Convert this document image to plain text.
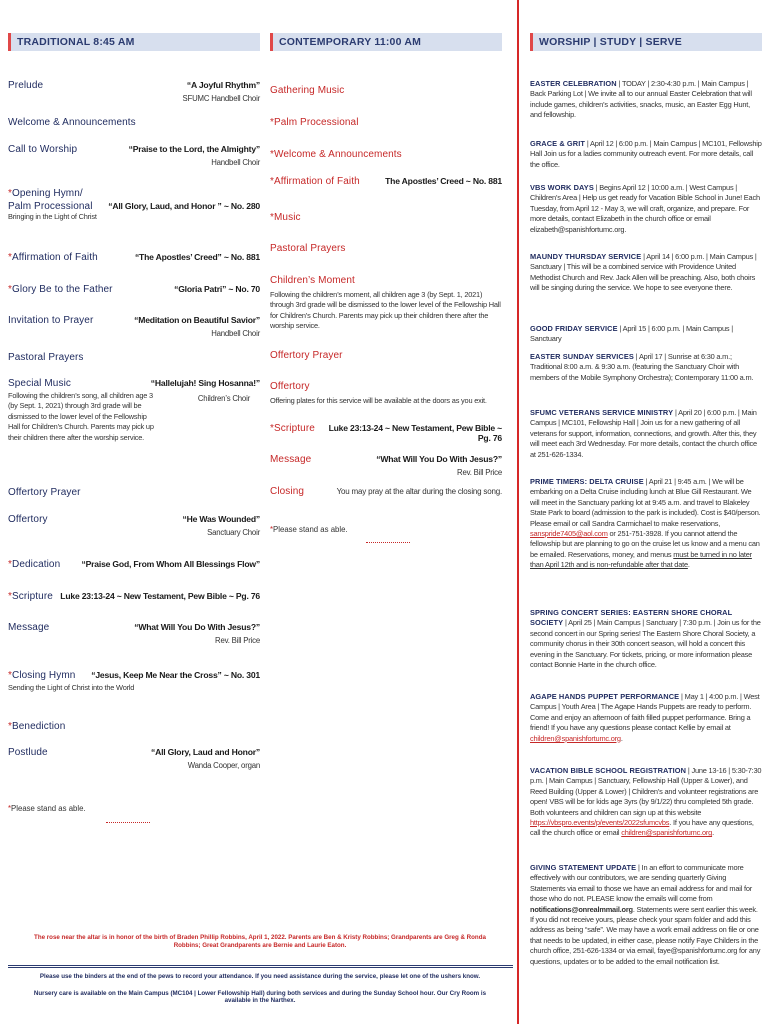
TRADITIONAL 8:45 AM	CONTEMPORARY 11:00 AM	WORSHIP | STUDY | SERVE
Prelude	“A Joyful Rhythm”
SFUMC Handbell Choir
Welcome & Announcements
Call to Worship	“Praise to the Lord, the Almighty”
Handbell Choir
*Opening Hymn/
Palm Processional “All Glory, Laud, and Honor ” ~ No. 280
Bringing in the Light of Christ
*Affirmation of Faith	“The Apostles’ Creed” ~ No. 881
*Glory Be to the Father	“Gloria Patri” ~ No. 70
Invitation to Prayer	“Meditation on Beautiful Savior”
Handbell Choir
Pastoral Prayers
Special Music	“Hallelujah! Sing Hosanna!”
Following the children’s song, all children age 3 (by Sept. 1, 2021) through 3rd grade will be dismissed to the lower level of the Fellowship Hall for Children’s Church. Parents may pick up their children there after the worship service.
Children’s Choir
Offertory Prayer
Offertory	“He Was Wounded”
Sanctuary Choir
*Dedication “Praise God, From Whom All Blessings Flow”
*Scripture Luke 23:13-24 ~ New Testament, Pew Bible ~ Pg. 76
Message	“What Will You Do With Jesus?”
Rev. Bill Price
*Closing Hymn “Jesus, Keep Me Near the Cross” ~ No. 301
Sending the Light of Christ into the World
*Benediction
Postlude	“All Glory, Laud and Honor”
Wanda Cooper, organ
*Please stand as able.
Gathering Music
*Palm Processional
*Welcome & Announcements
*Affirmation of Faith	The Apostles’ Creed ~ No. 881
*Music
Pastoral Prayers
Children’s Moment
Following the children’s moment, all children age 3 (by Sept. 1, 2021) through 3rd grade will be dismissed to the lower level of the Fellowship Hall for Children’s Church. Parents may pick up their children there after the worship service.
Offertory Prayer
Offertory
Offering plates for this service will be available at the doors as you exit.
*Scripture	Luke 23:13-24 ~ New Testament, Pew Bible ~ Pg. 76
Message	“What Will You Do With Jesus?”
Rev. Bill Price
Closing	You may pray at the altar during the closing song.
*Please stand as able.
EASTER CELEBRATION | TODAY | 2:30-4:30 p.m. | Main Campus | Back Parking Lot | We invite all to our annual Easter Celebration that will include games, children’s activities, snacks, music, an Easter Egg Hunt, and fellowship.
GRACE & GRIT | April 12 | 6:00 p.m. | Main Campus | MC101, Fellowship Hall Join us for a ladies community outreach event. For more details, call the office.
VBS WORK DAYS | Begins April 12 | 10:00 a.m. | West Campus | Children’s Area | Help us get ready for Vacation Bible School in June! Each Tuesday, from April 12 - May 3, we will craft, organize, and prepare. For more details, contact Elizabeth in the church office or email elizabeth@spanishfortumc.org.
MAUNDY THURSDAY SERVICE | April 14 | 6:00 p.m. | Main Campus | Sanctuary | This will be a combined service with Providence United Methodist Church and Rev. Jack Allen will be preaching. Also, both choirs will be singing during the service. We hope to see everyone there.
GOOD FRIDAY SERVICE | April 15 | 6:00 p.m. | Main Campus | Sanctuary
EASTER SUNDAY SERVICES | April 17 | Sunrise at 6:30 a.m.; Traditional 8:00 a.m. & 9:30 a.m. (featuring the Sanctuary Choir with members of the Mobile Symphony Orchestra); Contemporary 11:00 a.m.
SFUMC VETERANS SERVICE MINISTRY | April 20 | 6:00 p.m. | Main Campus | MC101, Fellowship Hall | Join us for a new gathering of all veterans for support, information, connections, and growth. After this, they will meet each 3rd Wednesday. For more details, contact the church office at 251-626-1334.
PRIME TIMERS: DELTA CRUISE | April 21 | 9:45 a.m. | We will be embarking on a Delta Cruise including lunch at Blue Gill Restaurant. We will meet in the Sanctuary parking lot at 9:45 a.m. and travel to Blakeley State Park to board (admission to the park is included). Cost is $40/person. Please email or call Sandra Carmichael to make reservations, sanspride7405@aol.com or 251-751-3928. If you cannot attend the fellowship but are planning to go on the cruise let us know and a menu can be emailed. Reservations, money, and menus must be turned in no later than April 12th and is non-refundable after that date.
SPRING CONCERT SERIES: EASTERN SHORE CHORAL SOCIETY | April 25 | Main Campus | Sanctuary | 7:30 p.m. | Join us for the second concert in our Spring series! The Eastern Shore Choral Society, a community chorus in their 30th concert season, will hold a concert this evening in the Sanctuary. For tickets, pricing, or more information please contact Bonnie Harte in the church office.
AGAPE HANDS PUPPET PERFORMANCE | May 1 | 4:00 p.m. | West Campus | Youth Area | The Agape Hands Puppets are ready to perform. Come and enjoy an afternoon of faith filled puppet performance. Bring a friend! If you have any questions please contact Kellie by email at children@spanishfortumc.org.
VACATION BIBLE SCHOOL REGISTRATION | June 13-16 | 5:30-7:30 p.m. | Main Campus | Sanctuary, Fellowship Hall (Upper & Lower), and Reed Building (Upper & Lower) | Children’s and volunteer registrations are open! VBS will be for kids age 3yrs (by 9/1/22) thru completed 5th grade. Both volunteers and children can sign up at this website https://vbspro.events/p/events/2022sfumcvbs. If you have any questions, call the church office or email children@spanishfortumc.org.
GIVING STATEMENT UPDATE | In an effort to communicate more effectively with our contributors, we are sending quarterly Giving Statements via email to those we have an email address for and mail for those who do not. PLEASE know the emails will come from notifications@onrealmmail.org. Statements were sent earlier this week. If you did not receive yours, please check your spam folder and add this address as being “safe”. We may have a work email address on file or one that needs to be updated, in either case, please notify Faye Childers in the church office, 251-626-1334 or via email, faye@spanishfortumc.org for any questions, updates or to be added to the email notification list.
The rose near the altar is in honor of the birth of Braden Phillip Robbins, April 1, 2022. Parents are Ben & Kristy Robbins; Grandparents are Greg & Ronda Robbins; Great Grandparents are Bernie and Laurie Eaton.
Please use the binders at the end of the pews to record your attendance. If you need assistance during the service, please let one of the ushers know.
Nursery care is available on the Main Campus (MC104 | Lower Fellowship Hall) during both services and during the Sunday School hour. Our Cry Room is available in the Narthex.
